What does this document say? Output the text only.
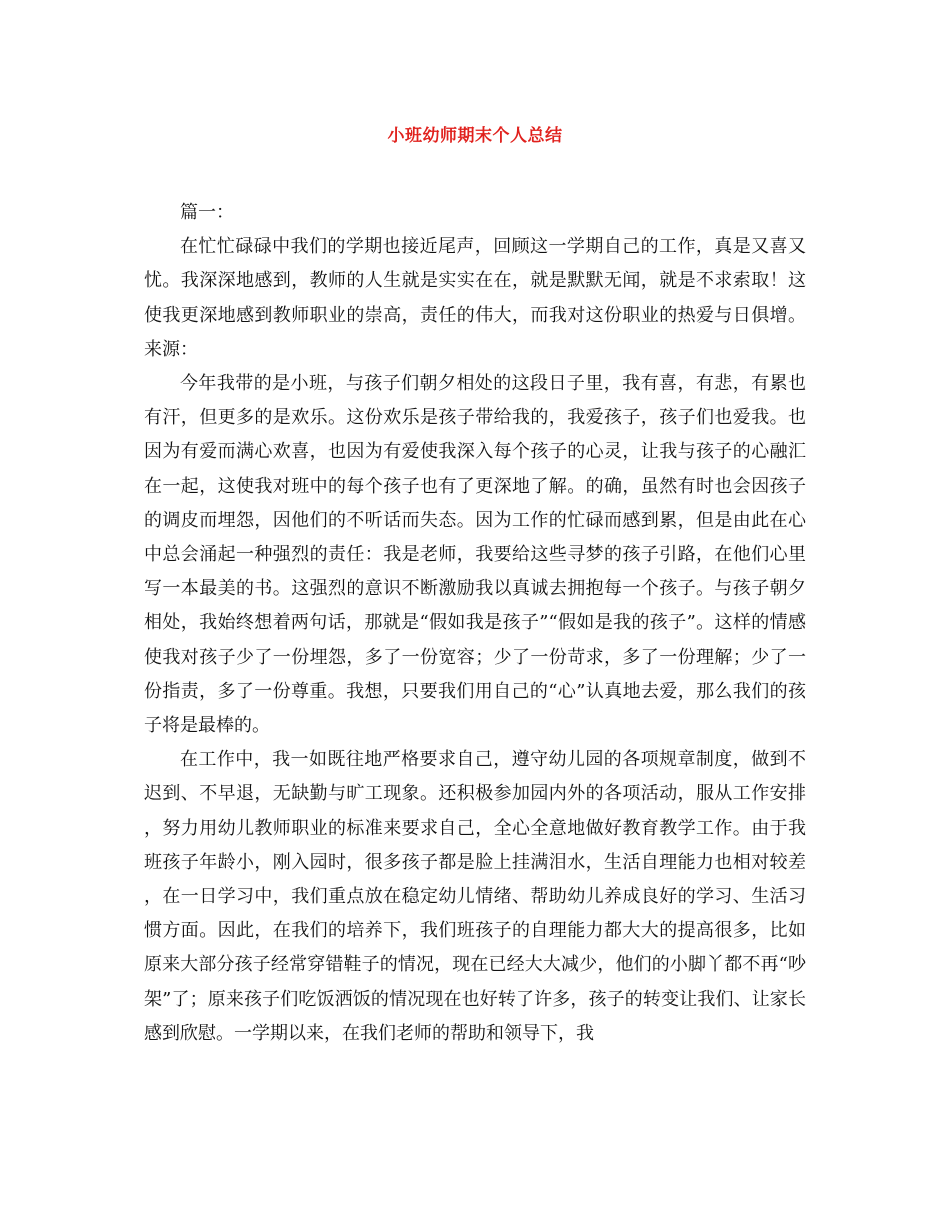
小班幼师期末个人总结

篇一：

在忙忙碌碌中我们的学期也接近尾声，回顾这一学期自己的工作，真是又喜又忧。我深深地感到，教师的人生就是实实在在，就是默默无闻，就是不求索取！这使我更深地感到教师职业的崇高，责任的伟大，而我对这份职业的热爱与日俱增。来源：

今年我带的是小班，与孩子们朝夕相处的这段日子里，我有喜，有悲，有累也有汗，但更多的是欢乐。这份欢乐是孩子带给我的，我爱孩子，孩子们也爱我。也因为有爱而满心欢喜，也因为有爱使我深入每个孩子的心灵，让我与孩子的心融汇在一起，这使我对班中的每个孩子也有了更深地了解。的确，虽然有时也会因孩子的调皮而埋怨，因他们的不听话而失态。因为工作的忙碌而感到累，但是由此在心中总会涌起一种强烈的责任：我是老师，我要给这些寻梦的孩子引路，在他们心里写一本最美的书。这强烈的意识不断激励我以真诚去拥抱每一个孩子。与孩子朝夕相处，我始终想着两句话，那就是“假如我是孩子”“假如是我的孩子”。这样的情感使我对孩子少了一份埋怨，多了一份宽容；少了一份苛求，多了一份理解；少了一份指责，多了一份尊重。我想，只要我们用自己的“心”认真地去爱，那么我们的孩子将是最棒的。

在工作中，我一如既往地严格要求自己，遵守幼儿园的各项规章制度，做到不迟到、不早退，无缺勤与旷工现象。还积极参加园内外的各项活动，服从工作安排，努力用幼儿教师职业的标准来要求自己，全心全意地做好教育教学工作。由于我班孩子年龄小，刚入园时，很多孩子都是脸上挂满泪水，生活自理能力也相对较差，在一日学习中，我们重点放在稳定幼儿情绪、帮助幼儿养成良好的学习、生活习惯方面。因此，在我们的培养下，我们班孩子的自理能力都大大的提高很多，比如原来大部分孩子经常穿错鞋子的情况，现在已经大大减少，他们的小脚丫都不再“吵架”了；原来孩子们吃饭洒饭的情况现在也好转了许多，孩子的转变让我们、让家长感到欣慰。一学期以来，在我们老师的帮助和领导下，我
